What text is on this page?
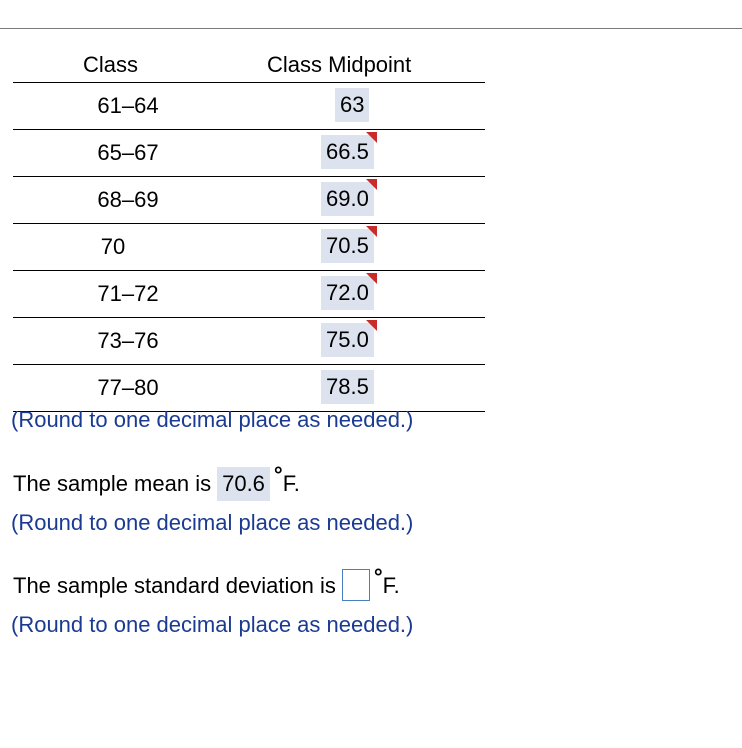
Class	Class Midpoint
61–64	63
65–67	66.5
68–69	69.0
70	70.5
71–72	72.0
73–76	75.0
77–80	78.5
(Round to one decimal place as needed.)
The sample mean is 70.6 °F.
(Round to one decimal place as needed.)
The sample standard deviation is °F.
(Round to one decimal place as needed.)
